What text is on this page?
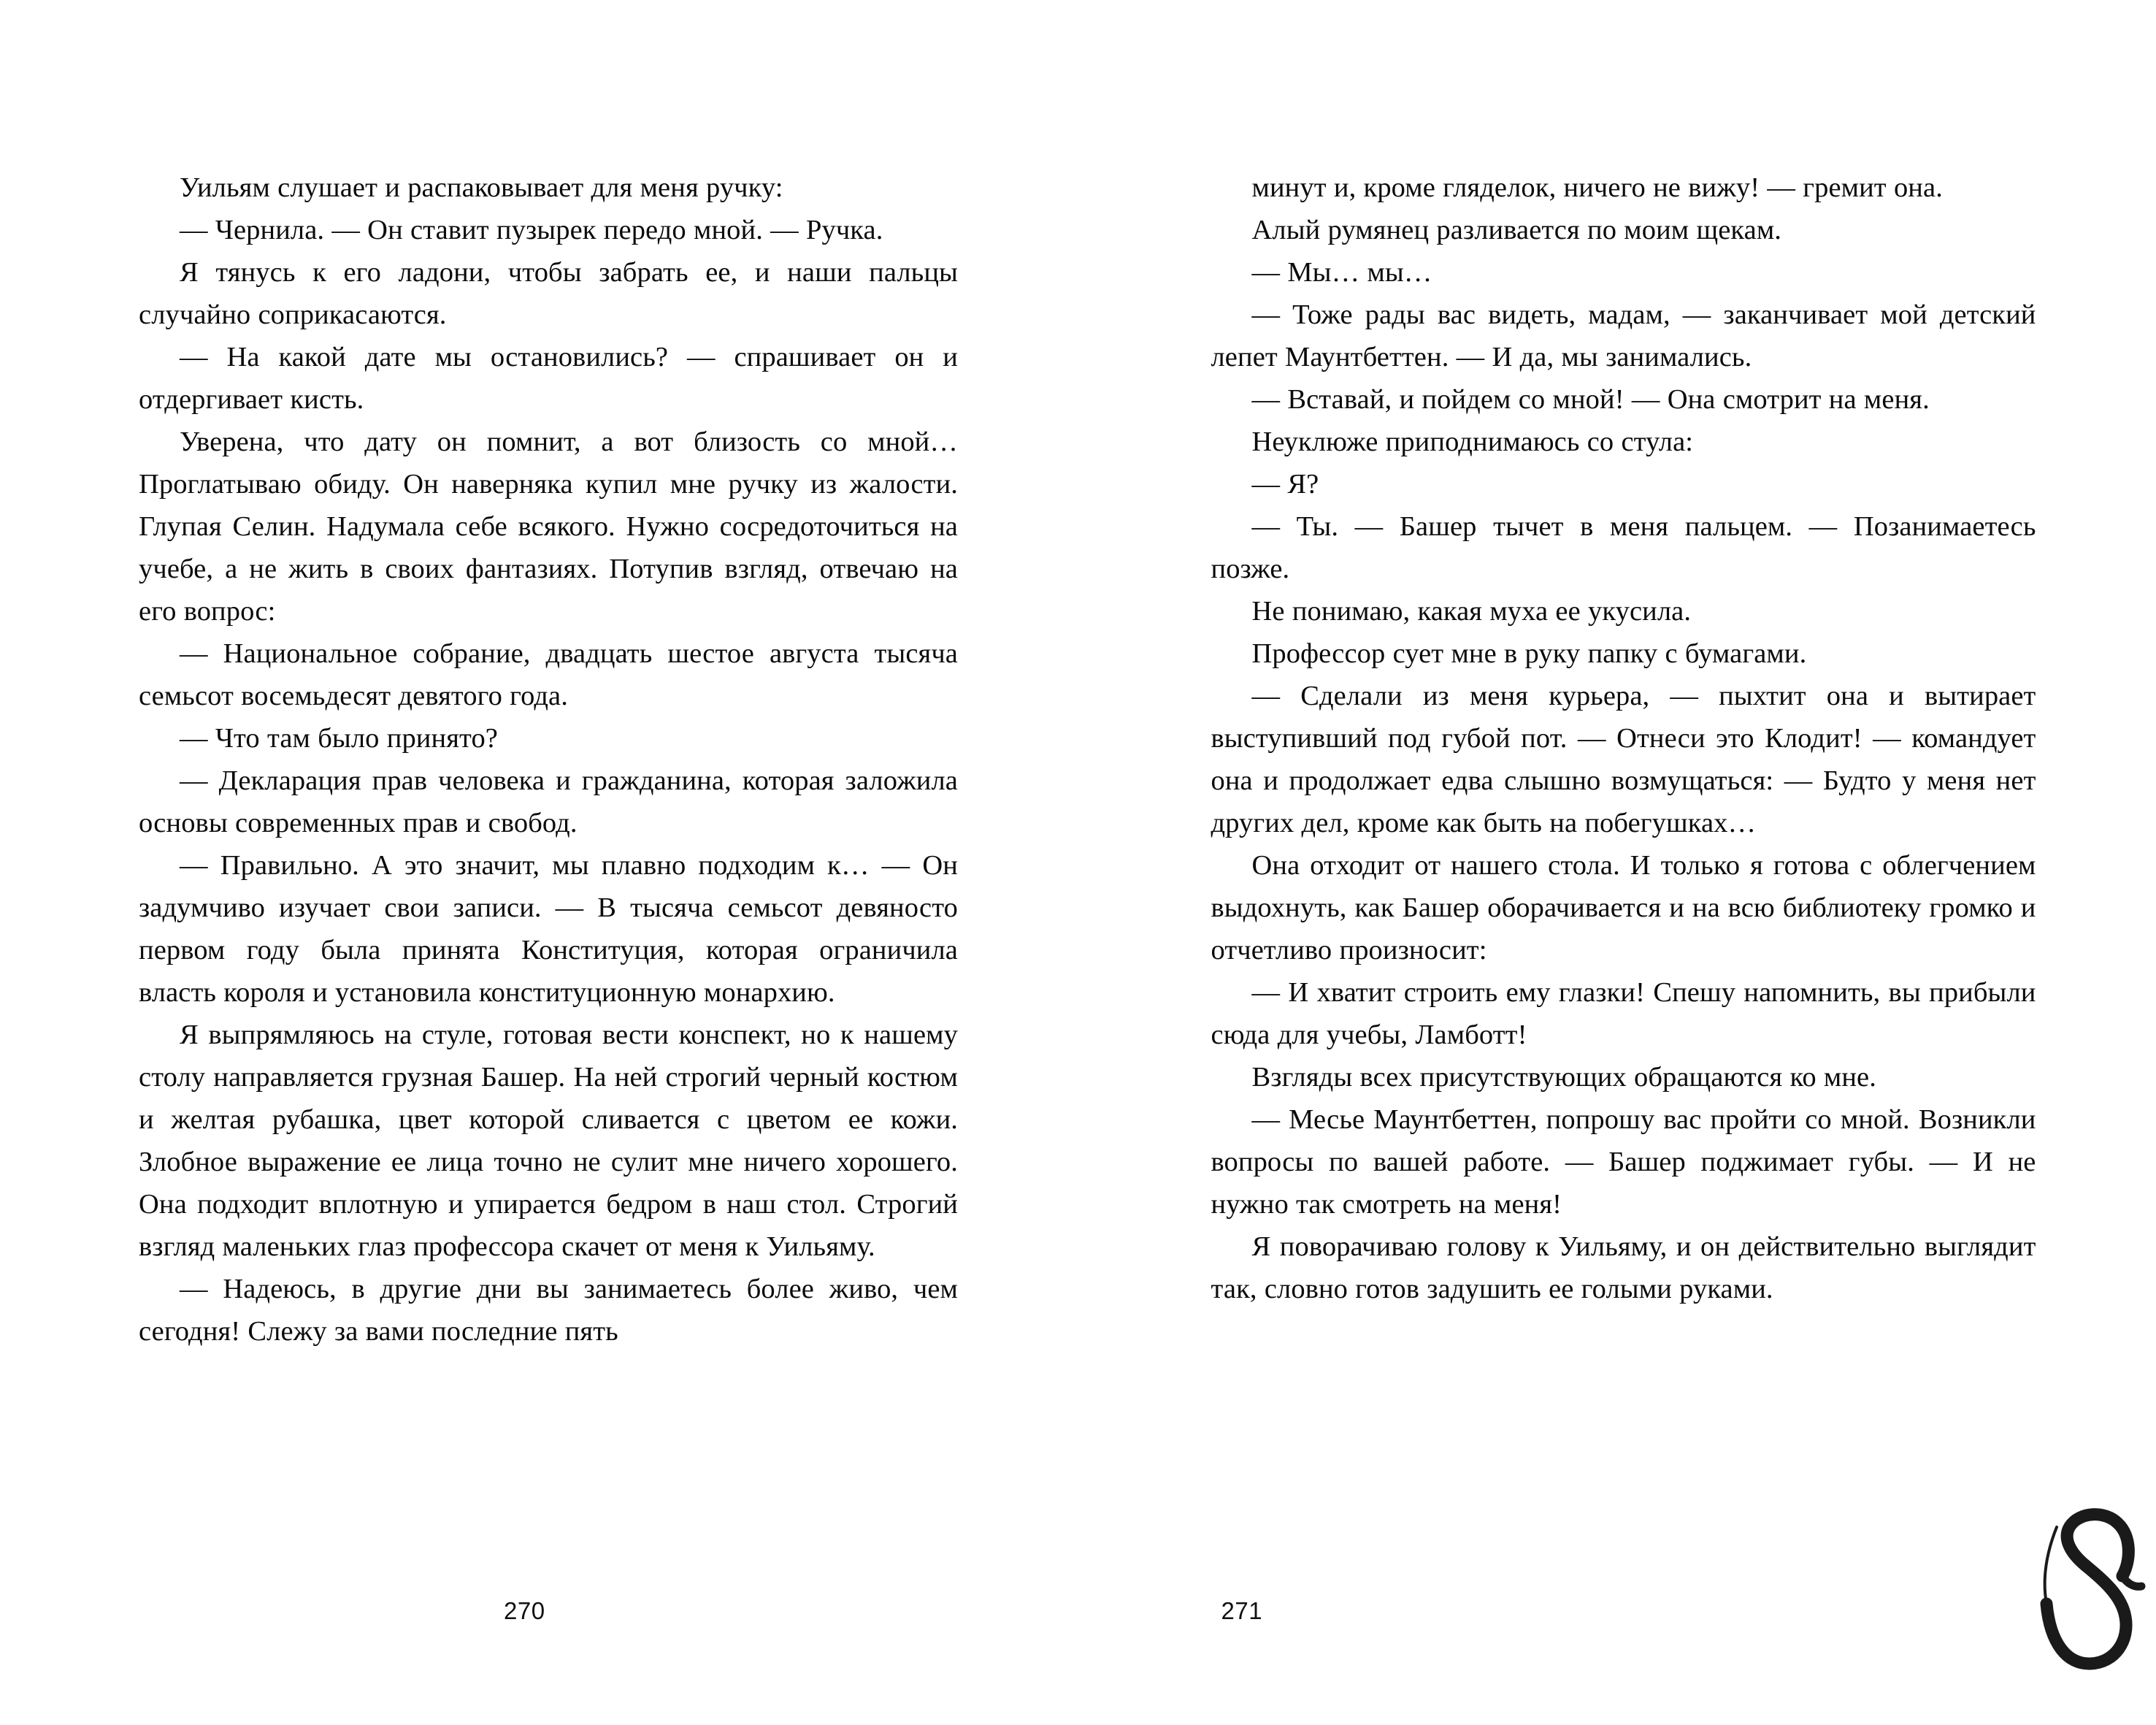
Уильям слушает и распаковывает для меня ручку:

— Чернила. — Он ставит пузырек передо мной. — Ручка.

Я тянусь к его ладони, чтобы забрать ее, и наши пальцы случайно соприкасаются.

— На какой дате мы остановились? — спрашивает он и отдергивает кисть.

Уверена, что дату он помнит, а вот близость со мной… Проглатываю обиду. Он наверняка купил мне ручку из жалости. Глупая Селин. Надумала себе всякого. Нужно сосредоточиться на учебе, а не жить в своих фантазиях. Потупив взгляд, отвечаю на его вопрос:

— Национальное собрание, двадцать шестое августа тысяча семьсот восемьдесят девятого года.

— Что там было принято?

— Декларация прав человека и гражданина, которая заложила основы современных прав и свобод.

— Правильно. А это значит, мы плавно подходим к… — Он задумчиво изучает свои записи. — В тысяча семьсот девяносто первом году была принята Конституция, которая ограничила власть короля и установила конституционную монархию.

Я выпрямляюсь на стуле, готовая вести конспект, но к нашему столу направляется грузная Башер. На ней строгий черный костюм и желтая рубашка, цвет которой сливается с цветом ее кожи. Злобное выражение ее лица точно не сулит мне ничего хорошего. Она подходит вплотную и упирается бедром в наш стол. Строгий взгляд маленьких глаз профессора скачет от меня к Уильяму.

— Надеюсь, в другие дни вы занимаетесь более живо, чем сегодня! Слежу за вами последние пять

270

минут и, кроме гляделок, ничего не вижу! — гремит она.

Алый румянец разливается по моим щекам.

— Мы… мы…

— Тоже рады вас видеть, мадам, — заканчивает мой детский лепет Маунтбеттен. — И да, мы занимались.

— Вставай, и пойдем со мной! — Она смотрит на меня.

Неуклюже приподнимаюсь со стула:

— Я?

— Ты. — Башер тычет в меня пальцем. — Позанимаетесь позже.

Не понимаю, какая муха ее укусила.

Профессор сует мне в руку папку с бумагами.

— Сделали из меня курьера, — пыхтит она и вытирает выступивший под губой пот. — Отнеси это Клодит! — командует она и продолжает едва слышно возмущаться: — Будто у меня нет других дел, кроме как быть на побегушках…

Она отходит от нашего стола. И только я готова с облегчением выдохнуть, как Башер оборачивается и на всю библиотеку громко и отчетливо произносит:

— И хватит строить ему глазки! Спешу напомнить, вы прибыли сюда для учебы, Ламботт!

Взгляды всех присутствующих обращаются ко мне.

— Месье Маунтбеттен, попрошу вас пройти со мной. Возникли вопросы по вашей работе. — Башер поджимает губы. — И не нужно так смотреть на меня!

Я поворачиваю голову к Уильяму, и он действительно выглядит так, словно готов задушить ее голыми руками.

271
